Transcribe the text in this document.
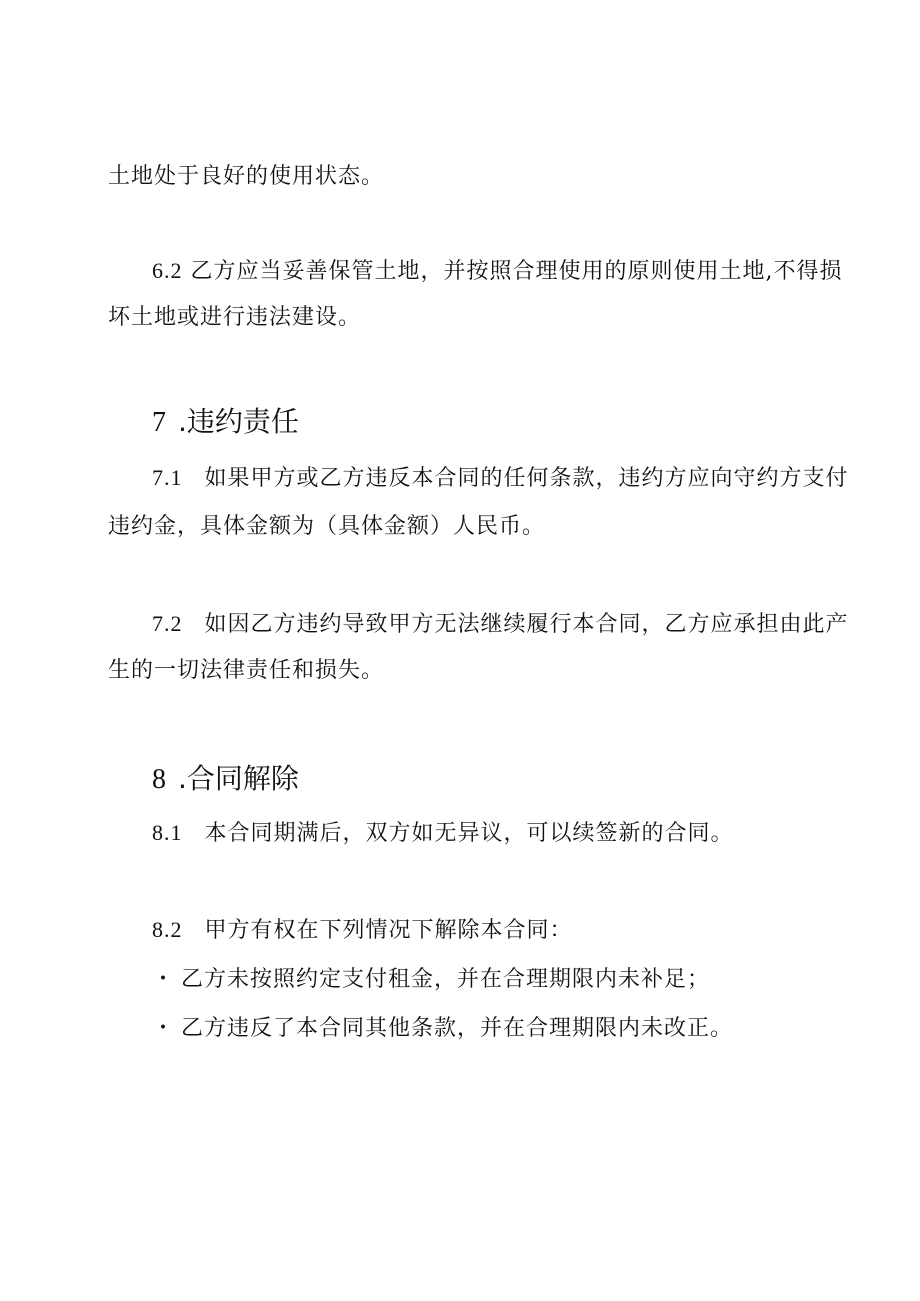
土地处于良好的使用状态。
6.2 乙方应当妥善保管土地，并按照合理使用的原则使用土地,不得损
坏土地或进行违法建设。
7 .违约责任
7.1 如果甲方或乙方违反本合同的任何条款，违约方应向守约方支付
违约金，具体金额为（具体金额）人民币。
7.2 如因乙方违约导致甲方无法继续履行本合同，乙方应承担由此产
生的一切法律责任和损失。
8 .合同解除
8.1 本合同期满后，双方如无异议，可以续签新的合同。
8.2 甲方有权在下列情况下解除本合同：
・ 乙方未按照约定支付租金，并在合理期限内未补足；
・ 乙方违反了本合同其他条款，并在合理期限内未改正。
